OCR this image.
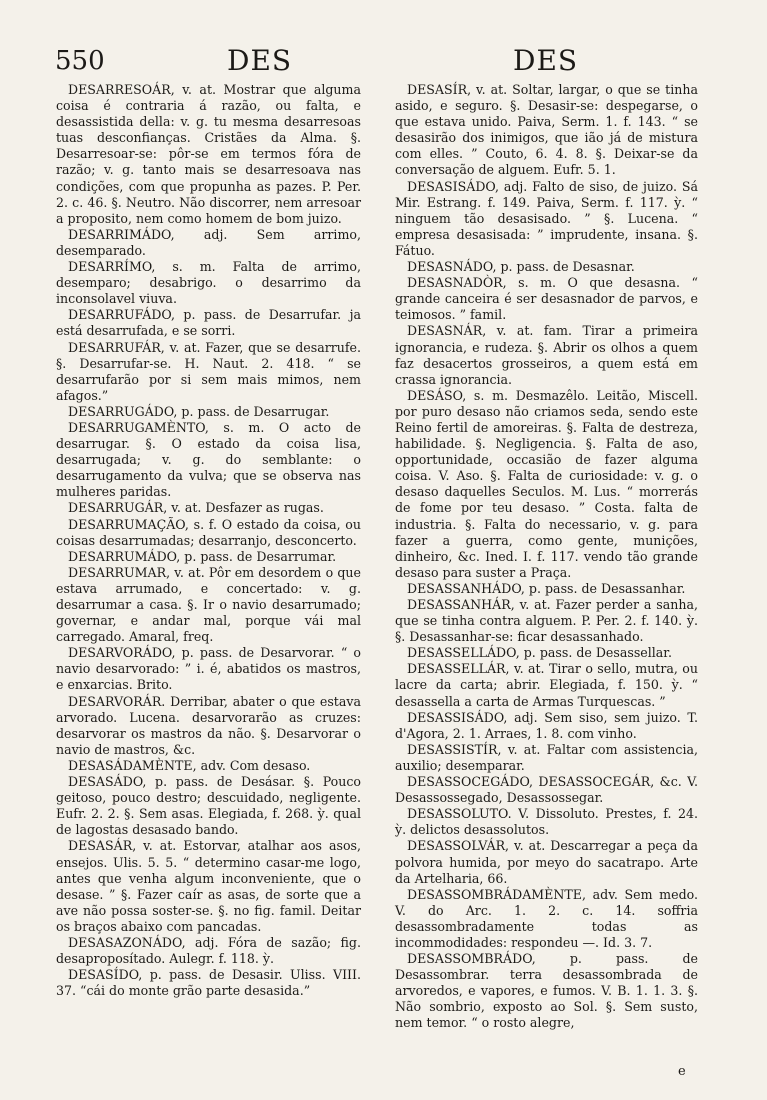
550	DES	DES

DESARRESOÁR, v. at. Mostrar que alguma coisa é contraria á razão, ou falta, e desassistida della: v. g. tu mesma desarresoas tuas desconfianças. Cristães da Alma. §. Desarresoar-se: pôr-se em termos fóra de razão; v. g. tanto mais se desarresoava nas condições, com que propunha as pazes. P. Per. 2. c. 46. §. Neutro. Não discorrer, nem arresoar a proposito, nem como homem de bom juizo.

DESARRIMÁDO, adj. Sem arrimo, desemparado.

DESARRÍMO, s. m. Falta de arrimo, desemparo; desabrigo. o desarrimo da inconsolavel viuva.

DESARRUFÁDO, p. pass. de Desarrufar. ja está desarrufada, e se sorri.

DESARRUFÁR, v. at. Fazer, que se desarrufe. §. Desarrufar-se. H. Naut. 2. 418. “ se desarrufarão por si sem mais mimos, nem afagos.”

DESARRUGÁDO, p. pass. de Desarrugar.

DESARRUGAMÈNTO, s. m. O acto de desarrugar. §. O estado da coisa lisa, desarrugada; v. g. do semblante: o desarrugamento da vulva; que se observa nas mulheres paridas.

DESARRUGÁR, v. at. Desfazer as rugas.

DESARRUMAÇÃO, s. f. O estado da coisa, ou coisas desarrumadas; desarranjo, desconcerto.

DESARRUMÁDO, p. pass. de Desarrumar.

DESARRUMAR, v. at. Pôr em desordem o que estava arrumado, e concertado: v. g. desarrumar a casa. §. Ir o navio desarrumado; governar, e andar mal, porque vái mal carregado. Amaral, freq.

DESARVORÁDO, p. pass. de Desarvorar. “ o navio desarvorado: ” i. é, abatidos os mastros, e enxarcias. Brito.

DESARVORÁR. Derribar, abater o que estava arvorado. Lucena. desarvorarão as cruzes: desarvorar os mastros da não. §. Desarvorar o navio de mastros, &c.

DESASÁDAMÈNTE, adv. Com desaso.

DESASÁDO, p. pass. de Desásar. §. Pouco geitoso, pouco destro; descuidado, negligente. Eufr. 2. 2. §. Sem asas. Elegiada, f. 268. ỳ. qual de lagostas desasado bando.

DESASÁR, v. at. Estorvar, atalhar aos asos, ensejos. Ulis. 5. 5. “ determino casar-me logo, antes que venha algum inconveniente, que o desase. ” §. Fazer caír as asas, de sorte que a ave não possa soster-se. §. no fig. famil. Deitar os braços abaixo com pancadas.

DESASAZONÁDO, adj. Fóra de sazão; fig. desaproposítado. Aulegr. f. 118. ỳ.

DESASÍDO, p. pass. de Desasir. Uliss. VIII. 37. “cái do monte grão parte desasida.”

DESASÍR, v. at. Soltar, largar, o que se tinha asido, e seguro. §. Desasir-se: despegarse, o que estava unido. Paiva, Serm. 1. f. 143. “ se desasirão dos inimigos, que ião já de mistura com elles. ” Couto, 6. 4. 8. §. Deixar-se da conversação de alguem. Eufr. 5. 1.

DESASISÁDO, adj. Falto de siso, de juizo. Sá Mir. Estrang. f. 149. Paiva, Serm. f. 117. ỳ. “ ninguem tão desasisado. ” §. Lucena. “ empresa desasisada: ” imprudente, insana. §. Fátuo.

DESASNÁDO, p. pass. de Desasnar.

DESASNADÒR, s. m. O que desasna. “ grande canceira é ser desasnador de parvos, e teimosos. ” famil.

DESASNÁR, v. at. fam. Tirar a primeira ignorancia, e rudeza. §. Abrir os olhos a quem faz desacertos grosseiros, a quem está em crassa ignorancia.

DESÁSO, s. m. Desmazêlo. Leitão, Miscell. por puro desaso não criamos seda, sendo este Reino fertil de amoreiras. §. Falta de destreza, habilidade. §. Negligencia. §. Falta de aso, opportunidade, occasião de fazer alguma coisa. V. Aso. §. Falta de curiosidade: v. g. o desaso daquelles Seculos. M. Lus. “ morrerás de fome por teu desaso. ” Costa. falta de industria. §. Falta do necessario, v. g. para fazer a guerra, como gente, munições, dinheiro, &c. Ined. I. f. 117. vendo tão grande desaso para suster a Praça.

DESASSANHÁDO, p. pass. de Desassanhar.

DESASSANHÁR, v. at. Fazer perder a sanha, que se tinha contra alguem. P. Per. 2. f. 140. ỳ. §. Desassanhar-se: ficar desassanhado.

DESASSELLÁDO, p. pass. de Desassellar.

DESASSELLÁR, v. at. Tirar o sello, mutra, ou lacre da carta; abrir. Elegiada, f. 150. ỳ. “ desassella a carta de Armas Turquescas. ”

DESASSISÁDO, adj. Sem siso, sem juizo. T. d'Agora, 2. 1. Arraes, 1. 8. com vinho.

DESASSISTÍR, v. at. Faltar com assistencia, auxilio; desemparar.

DESASSOCEGÁDO, DESASSOCEGÁR, &c. V. Desassossegado, Desassossegar.

DESASSOLUTO. V. Dissoluto. Prestes, f. 24. ỳ. delictos desassolutos.

DESASSOLVÁR, v. at. Descarregar a peça da polvora humida, por meyo do sacatrapo. Arte da Artelharia, 66.

DESASSOMBRÁDAMÈNTE, adv. Sem medo. V. do Arc. 1. 2. c. 14. soffria desassombradamente todas as incommodidades: respondeu —. Id. 3. 7.

DESASSOMBRÁDO, p. pass. de Desassombrar. terra desassombrada de arvoredos, e vapores, e fumos. V. B. 1. 1. 3. §. Não sombrio, exposto ao Sol. §. Sem susto, nem temor. “ o rosto alegre,

e
